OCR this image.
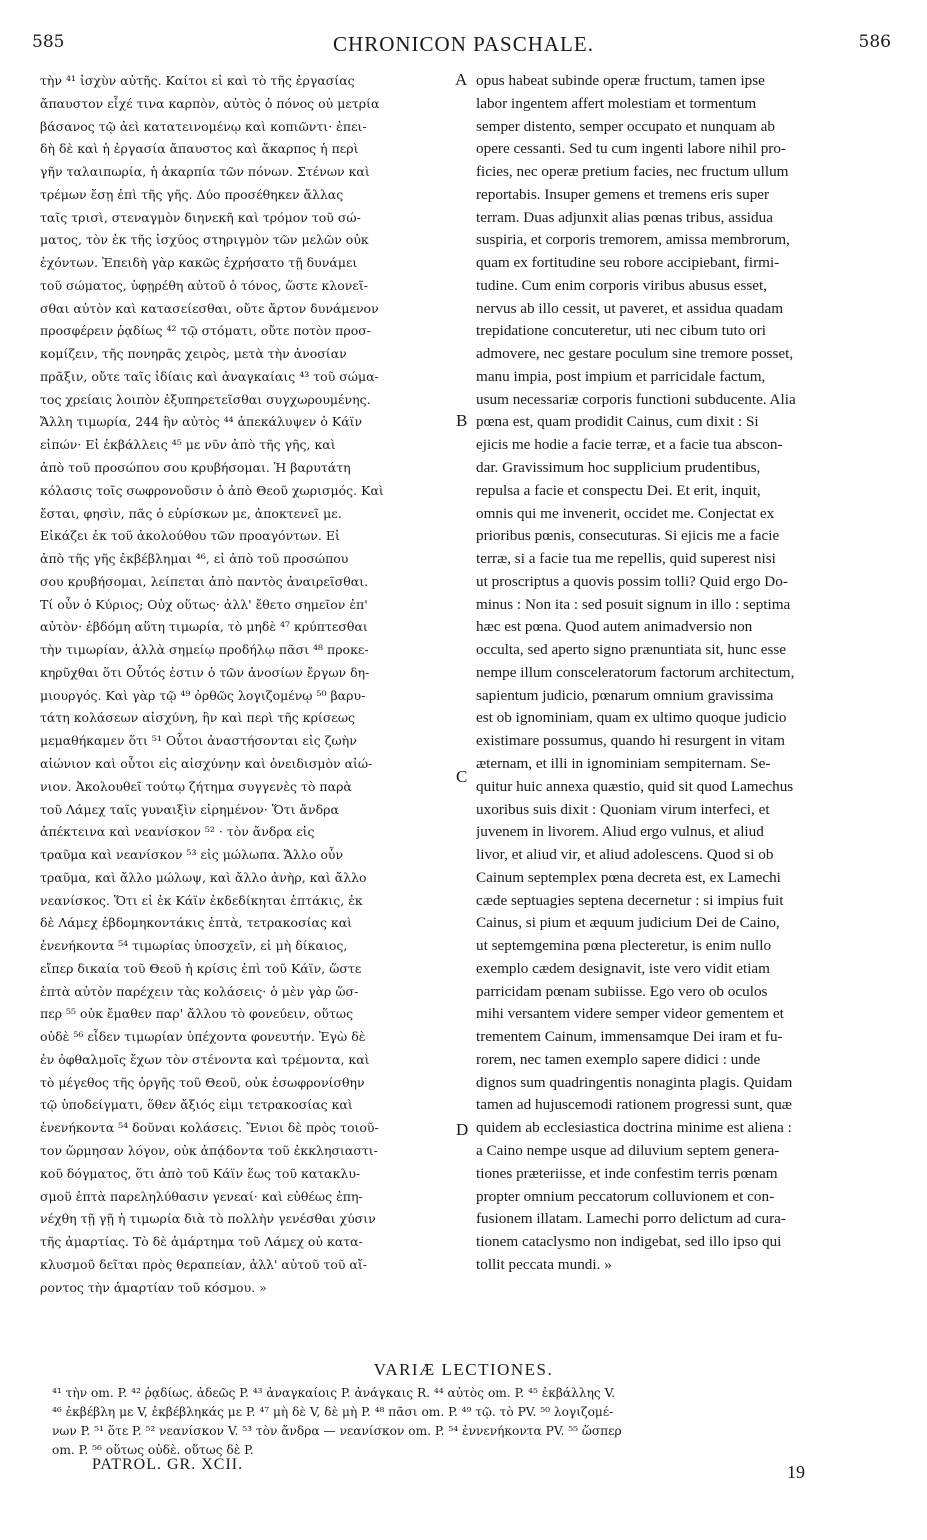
585	CHRONICON PASCHALE.	586
τὴν ⁴¹ ἰσχὺν αὐτῆς. Καίτοι εἰ καὶ τὸ τῆς ἐργασίας
ἄπαυστον εἶχέ τινα καρπὸν, αὐτὸς ὁ πόνος οὐ μετρία
βάσανος τῷ ἀεὶ κατατεινομένῳ καὶ κοπιῶντι· ἐπει-
δὴ δὲ καὶ ἡ ἐργασία ἄπαυστος καὶ ἄκαρπος ἡ περὶ
γῆν ταλαιπωρία, ἡ ἀκαρπία τῶν πόνων. Στένων καὶ
τρέμων ἔσῃ ἐπὶ τῆς γῆς. Δύο προσέθηκεν ἄλλας
ταῖς τρισὶ, στεναγμὸν διηνεκῆ καὶ τρόμον τοῦ σώ-
ματος, τὸν ἐκ τῆς ἰσχύος στηριγμὸν τῶν μελῶν οὐκ
ἐχόντων. Ἐπειδὴ γὰρ κακῶς ἐχρήσατο τῇ δυνάμει
τοῦ σώματος, ὑφῃρέθη αὐτοῦ ὁ τόνος, ὥστε κλονεῖ-
σθαι αὐτὸν καὶ κατασείεσθαι, οὔτε ἄρτον δυνάμενον
προσφέρειν ῥᾳδίως ⁴² τῷ στόματι, οὔτε ποτὸν προσ-
κομίζειν, τῆς πονηρᾶς χειρὸς, μετὰ τὴν ἀνοσίαν
πρᾶξιν, οὔτε ταῖς ἰδίαις καὶ ἀναγκαίαις ⁴³ τοῦ σώμα-
τος χρείαις λοιπὸν ἐξυπηρετεῖσθαι συγχωρουμένης.
Ἄλλη τιμωρία, 244 ἣν αὐτὸς ⁴⁴ ἀπεκάλυψεν ὁ Κάϊν
εἰπών· Εἰ ἐκβάλλεις ⁴⁵ με νῦν ἀπὸ τῆς γῆς, καὶ
ἀπὸ τοῦ προσώπου σου κρυβήσομαι. Ἡ βαρυτάτη
κόλασις τοῖς σωφρονοῦσιν ὁ ἀπὸ Θεοῦ χωρισμός. Καὶ
ἔσται, φησὶν, πᾶς ὁ εὑρίσκων με, ἀποκτενεῖ με.
Εἰκάζει ἐκ τοῦ ἀκολούθου τῶν προαγόντων. Εἰ
ἀπὸ τῆς γῆς ἐκβέβλημαι ⁴⁶, εἰ ἀπὸ τοῦ προσώπου
σου κρυβήσομαι, λείπεται ἀπὸ παντὸς ἀναιρεῖσθαι.
Τί οὖν ὁ Κύριος; Οὐχ οὕτως· ἀλλ' ἔθετο σημεῖον ἐπ'
αὐτὸν· ἑβδόμη αὕτη τιμωρία, τὸ μηδὲ ⁴⁷ κρύπτεσθαι
τὴν τιμωρίαν, ἀλλὰ σημείῳ προδήλῳ πᾶσι ⁴⁸ προκε-
κηρῦχθαι ὅτι Οὗτός ἐστιν ὁ τῶν ἀνοσίων ἔργων δη-
μιουργός. Καὶ γὰρ τῷ ⁴⁹ ὀρθῶς λογιζομένῳ ⁵⁰ βαρυ-
τάτη κολάσεων αἰσχύνη, ἣν καὶ περὶ τῆς κρίσεως
μεμαθήκαμεν ὅτι ⁵¹ Οὗτοι ἀναστήσονται εἰς ζωὴν
αἰώνιον καὶ οὗτοι εἰς αἰσχύνην καὶ ὀνειδισμὸν αἰώ-
νιον. Ἀκολουθεῖ τούτῳ ζήτημα συγγενὲς τὸ παρὰ
τοῦ Λάμεχ ταῖς γυναιξὶν εἰρημένον· Ὅτι ἄνδρα
ἀπέκτεινα καὶ νεανίσκον ⁵² · τὸν ἄνδρα εἰς
τραῦμα καὶ νεανίσκον ⁵³ εἰς μώλωπα. Ἄλλο οὖν
τραῦμα, καὶ ἄλλο μώλωψ, καὶ ἄλλο ἀνὴρ, καὶ ἄλλο
νεανίσκος. Ὅτι εἰ ἐκ Κάϊν ἐκδεδίκηται ἑπτάκις, ἐκ
δὲ Λάμεχ ἑβδομηκοντάκις ἑπτὰ, τετρακοσίας καὶ
ἐνενήκοντα ⁵⁴ τιμωρίας ὑποσχεῖν, εἰ μὴ δίκαιος,
εἴπερ δικαία τοῦ Θεοῦ ἡ κρίσις ἐπὶ τοῦ Κάϊν, ὥστε
ἑπτὰ αὐτὸν παρέχειν τὰς κολάσεις· ὁ μὲν γὰρ ὥσ-
περ ⁵⁵ οὐκ ἔμαθεν παρ' ἄλλου τὸ φονεύειν, οὕτως
οὐδὲ ⁵⁶ εἶδεν τιμωρίαν ὑπέχοντα φονευτήν. Ἐγὼ δὲ
ἐν ὀφθαλμοῖς ἔχων τὸν στένοντα καὶ τρέμοντα, καὶ
τὸ μέγεθος τῆς ὀργῆς τοῦ Θεοῦ, οὐκ ἐσωφρονίσθην
τῷ ὑποδείγματι, ὅθεν ἄξιός εἰμι τετρακοσίας καὶ
ἐνενήκοντα ⁵⁴ δοῦναι κολάσεις. Ἔνιοι δὲ πρὸς τοιοῦ-
τον ὥρμησαν λόγον, οὐκ ἀπᾴδοντα τοῦ ἐκκλησιαστι-
κοῦ δόγματος, ὅτι ἀπὸ τοῦ Κάϊν ἕως τοῦ κατακλυ-
σμοῦ ἑπτὰ παρεληλύθασιν γενεαί· καὶ εὐθέως ἐπη-
νέχθη τῇ γῇ ἡ τιμωρία διὰ τὸ πολλὴν γενέσθαι χύσιν
τῆς ἁμαρτίας. Τὸ δὲ ἁμάρτημα τοῦ Λάμεχ οὐ κατα-
κλυσμοῦ δεῖται πρὸς θεραπείαν, ἀλλ' αὐτοῦ τοῦ αἴ-
ροντος τὴν ἁμαρτίαν τοῦ κόσμου. »
opus habeat subinde operæ fructum, tamen ipse
labor ingentem affert molestiam et tormentum
semper distento, semper occupato et nunquam ab
opere cessanti. Sed tu cum ingenti labore nihil pro-
ficies, nec operæ pretium facies, nec fructum ullum
reportabis. Insuper gemens et tremens eris super
terram. Duas adjunxit alias pœnas tribus, assidua
suspiria, et corporis tremorem, amissa membrorum,
quam ex fortitudine seu robore accipiebant, firmi-
tudine. Cum enim corporis viribus abusus esset,
nervus ab illo cessit, ut paveret, et assidua quadam
trepidatione concuteretur, uti nec cibum tuto ori
admovere, nec gestare poculum sine tremore posset,
manu impia, post impium et parricidale factum,
usum necessariæ corporis functioni subducente. Alia
pœna est, quam prodidit Cainus, cum dixit : Si
ejicis me hodie a facie terræ, et a facie tua abscon-
dar. Gravissimum hoc supplicium prudentibus,
repulsa a facie et conspectu Dei. Et erit, inquit,
omnis qui me invenerit, occidet me. Conjectat ex
prioribus pœnis, consecuturas. Si ejicis me a facie
terræ, si a facie tua me repellis, quid superest nisi
ut proscriptus a quovis possim tolli? Quid ergo Do-
minus : Non ita : sed posuit signum in illo : septima
hæc est pœna. Quod autem animadversio non
occulta, sed aperto signo prænuntiata sit, hunc esse
nempe illum consceleratorum factorum architectum,
sapientum judicio, pœnarum omnium gravissima
est ob ignominiam, quam ex ultimo quoque judicio
existimare possumus, quando hi resurgent in vitam
æternam, et illi in ignominiam sempiternam. Se-
quitur huic annexa quæstio, quid sit quod Lamechus
uxoribus suis dixit : Quoniam virum interfeci, et
juvenem in livorem. Aliud ergo vulnus, et aliud
livor, et aliud vir, et aliud adolescens. Quod si ob
Cainum septemplex pœna decreta est, ex Lamechi
cæde septuagies septena decernetur : si impius fuit
Cainus, si pium et æquum judicium Dei de Caino,
ut septemgemina pœna plecteretur, is enim nullo
exemplo cædem designavit, iste vero vidit etiam
parricidam pœnam subiisse. Ego vero ob oculos
mihi versantem videre semper videor gementem et
trementem Cainum, immensamque Dei iram et fu-
rorem, nec tamen exemplo sapere didici : unde
dignos sum quadringentis nonaginta plagis. Quidam
tamen ad hujuscemodi rationem progressi sunt, quæ
quidem ab ecclesiastica doctrina minime est aliena :
a Caino nempe usque ad diluvium septem genera-
tiones præteriisse, et inde confestim terris pœnam
propter omnium peccatorum colluvionem et con-
fusionem illatam. Lamechi porro delictum ad cura-
tionem cataclysmo non indigebat, sed illo ipso qui
tollit peccata mundi. »
A
B
C
D
VARIÆ LECTIONES.
⁴¹ τὴν om. P. ⁴² ῥᾳδίως. ἀδεῶς P. ⁴³ ἀναγκαίοις P. ἀνάγκαις R. ⁴⁴ αὐτὸς om. P. ⁴⁵ ἐκβάλλης V.
⁴⁶ ἐκβέβλη με V, ἐκβέβληκάς με P. ⁴⁷ μὴ δὲ V, δὲ μὴ P. ⁴⁸ πᾶσι om. P. ⁴⁹ τῷ. τὸ PV. ⁵⁰ λογιζομέ-
νων P. ⁵¹ ὅτε P. ⁵² νεανίσκον V. ⁵³ τὸν ἄνδρα — νεανίσκον om. P. ⁵⁴ ἐννενήκοντα PV. ⁵⁵ ὥσπερ
om. P. ⁵⁶ οὕτως οὐδὲ. οὕτως δὲ P.
PATROL. GR. XCII.	19
